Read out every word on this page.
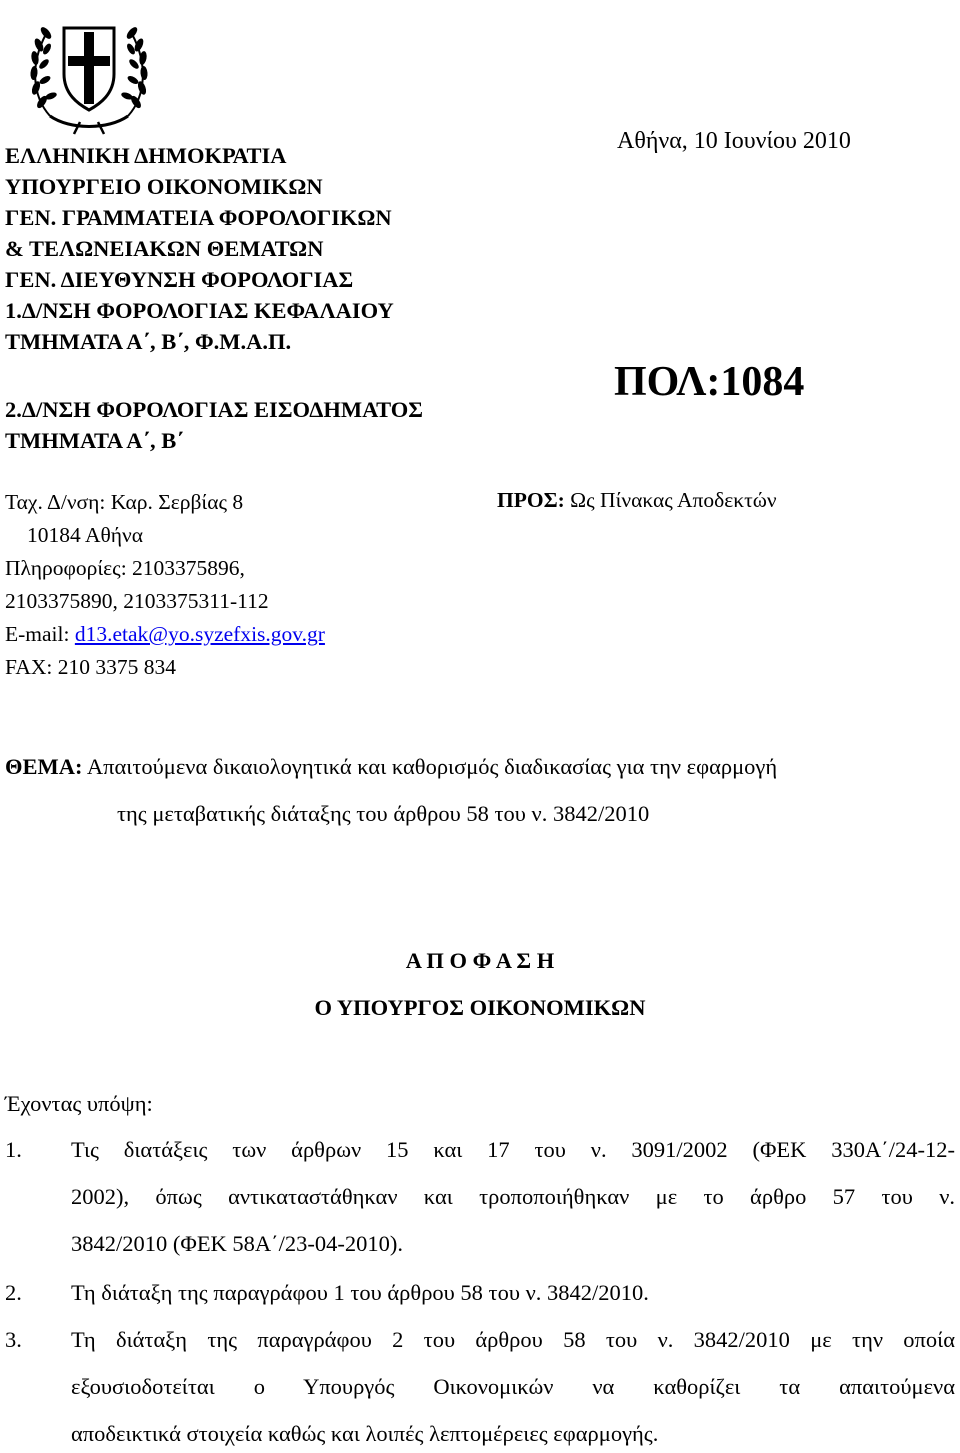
ΕΛΛΗΝΙΚΗ ΔΗΜΟΚΡΑΤΙΑ
ΥΠΟΥΡΓΕΙΟ ΟΙΚΟΝΟΜΙΚΩΝ
ΓΕΝ. ΓΡΑΜΜΑΤΕΙΑ ΦΟΡΟΛΟΓΙΚΩΝ
& ΤΕΛΩΝΕΙΑΚΩΝ ΘΕΜΑΤΩΝ
ΓΕΝ. ΔΙΕΥΘΥΝΣΗ ΦΟΡΟΛΟΓΙΑΣ
1.Δ/ΝΣΗ ΦΟΡΟΛΟΓΙΑΣ ΚΕΦΑΛΑΙΟΥ
ΤΜΗΜΑΤΑ Α΄, Β΄, Φ.Μ.Α.Π.
2.Δ/ΝΣΗ ΦΟΡΟΛΟΓΙΑΣ ΕΙΣΟΔΗΜΑΤΟΣ
ΤΜΗΜΑΤΑ Α΄, Β΄
Αθήνα, 10 Ιουνίου 2010
ΠΟΛ:1084
Ταχ. Δ/νση: Καρ. Σερβίας 8
10184 Αθήνα
Πληροφορίες: 2103375896,
2103375890, 2103375311-112
E-mail: d13.etak@yo.syzefxis.gov.gr
FAX: 210 3375 834
ΠΡΟΣ: Ως Πίνακας Αποδεκτών
ΘΕΜΑ: Απαιτούμενα δικαιολογητικά και καθορισμός διαδικασίας για την εφαρμογή
της μεταβατικής διάταξης του άρθρου 58 του ν. 3842/2010
Α Π Ο Φ Α Σ Η
Ο ΥΠΟΥΡΓΟΣ ΟΙΚΟΝΟΜΙΚΩΝ
Έχοντας υπόψη:
1. Τις διατάξεις των άρθρων 15 και 17 του ν. 3091/2002 (ΦΕΚ 330Α΄/24-12-
2002), όπως αντικαταστάθηκαν και τροποποιήθηκαν με το άρθρο 57 του ν.
3842/2010 (ΦΕΚ 58Α΄/23-04-2010).
2. Τη διάταξη της παραγράφου 1 του άρθρου 58 του ν. 3842/2010.
3. Τη διάταξη της παραγράφου 2 του άρθρου 58 του ν. 3842/2010 με την οποία
εξουσιοδοτείται ο Υπουργός Οικονομικών να καθορίζει τα απαιτούμενα
αποδεικτικά στοιχεία καθώς και λοιπές λεπτομέρειες εφαρμογής.
